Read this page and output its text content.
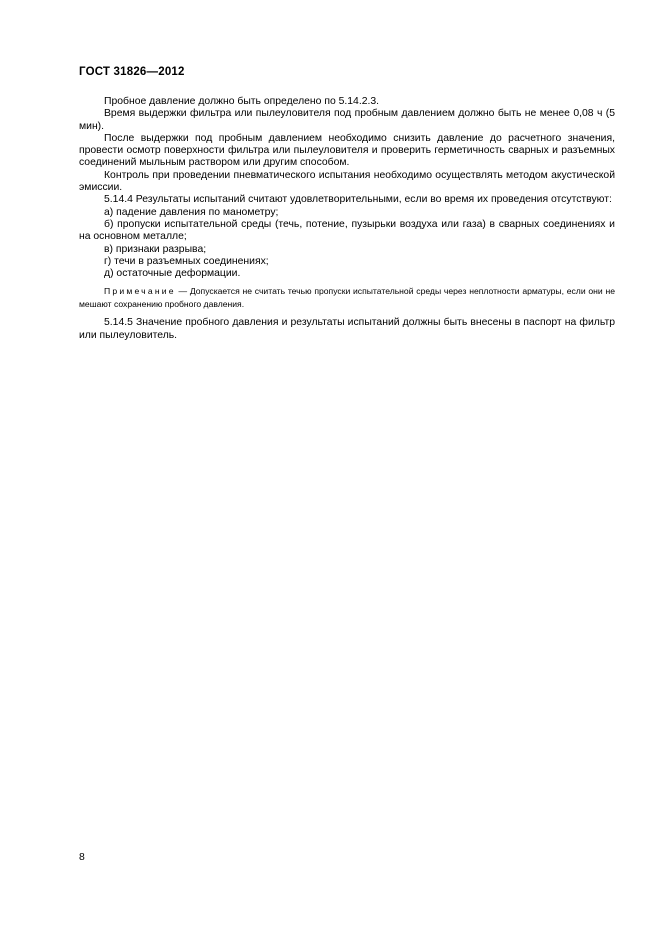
ГОСТ 31826—2012

Пробное давление должно быть определено по 5.14.2.3.

Время выдержки фильтра или пылеуловителя под пробным давлением должно быть не менее 0,08 ч (5 мин).

После выдержки под пробным давлением необходимо снизить давление до расчетного значения, провести осмотр поверхности фильтра или пылеуловителя и проверить герметичность сварных и разъемных соединений мыльным раствором или другим способом.

Контроль при проведении пневматического испытания необходимо осуществлять методом акустической эмиссии.

5.14.4 Результаты испытаний считают удовлетворительными, если во время их проведения отсутствуют:

а) падение давления по манометру;

б) пропуски испытательной среды (течь, потение, пузырьки воздуха или газа) в сварных соединениях и на основном металле;

в) признаки разрыва;

г) течи в разъемных соединениях;

д) остаточные деформации.

Примечание — Допускается не считать течью пропуски испытательной среды через неплотности арматуры, если они не мешают сохранению пробного давления.

5.14.5 Значение пробного давления и результаты испытаний должны быть внесены в паспорт на фильтр или пылеуловитель.

8
